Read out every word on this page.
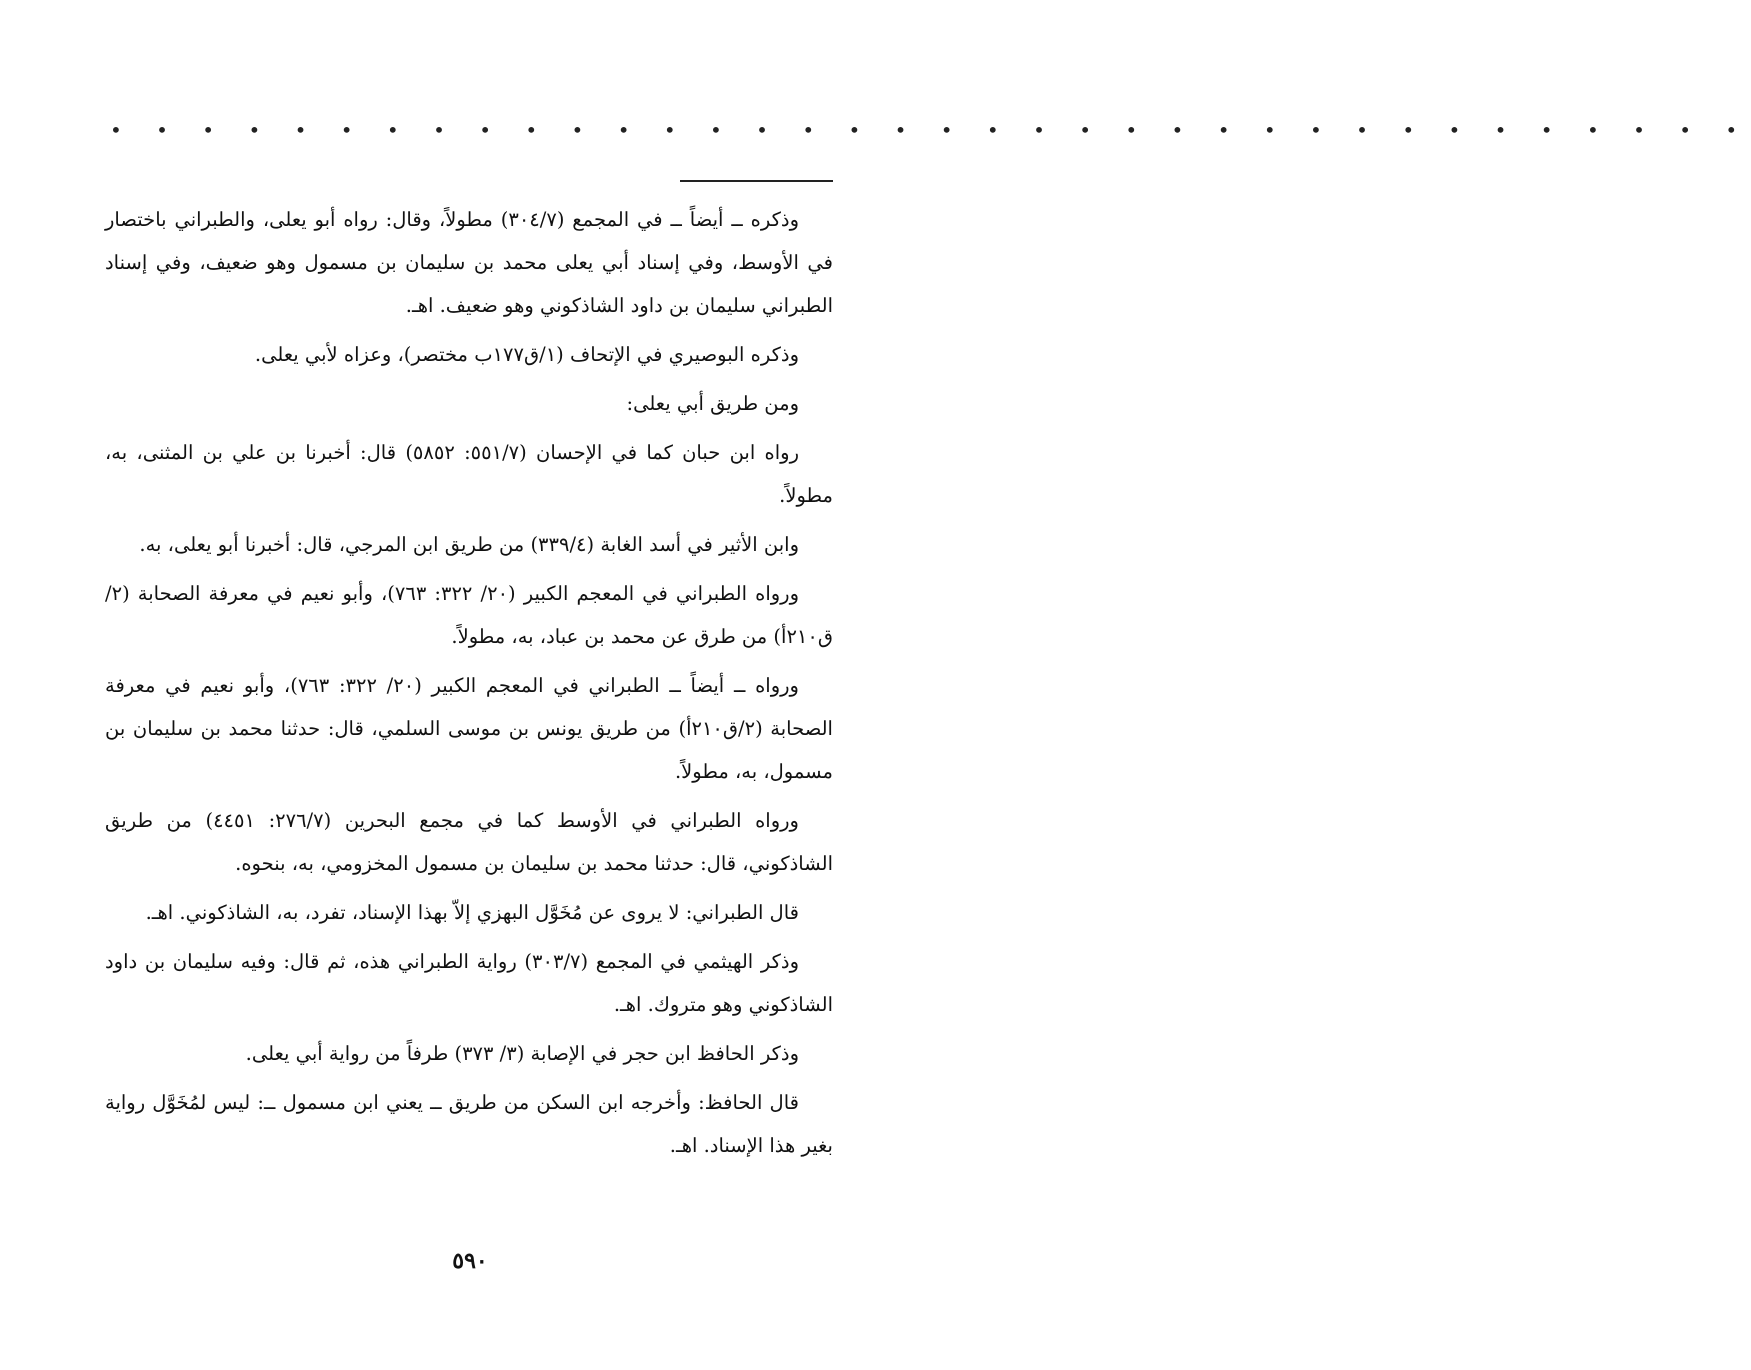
• • • • • • • • • • • • • • • • • • • • • • • • • • • • • • • • • • • •

وذكره ــ أيضاً ــ في المجمع (٣٠٤/٧) مطولاً، وقال: رواه أبو يعلى، والطبراني باختصار في الأوسط، وفي إسناد أبي يعلى محمد بن سليمان بن مسمول وهو ضعيف، وفي إسناد الطبراني سليمان بن داود الشاذكوني وهو ضعيف. اهـ.

وذكره البوصيري في الإتحاف (١/ق١٧٧ب مختصر)، وعزاه لأبي يعلى.

ومن طريق أبي يعلى:

رواه ابن حبان كما في الإحسان (٥٥١/٧: ٥٨٥٢) قال: أخبرنا بن علي بن المثنى، به، مطولاً.

وابن الأثير في أسد الغابة (٣٣٩/٤) من طريق ابن المرجي، قال: أخبرنا أبو يعلى، به.

ورواه الطبراني في المعجم الكبير (٢٠/ ٣٢٢: ٧٦٣)، وأبو نعيم في معرفة الصحابة (٢/ق٢١٠أ) من طرق عن محمد بن عباد، به، مطولاً.

ورواه ــ أيضاً ــ الطبراني في المعجم الكبير (٢٠/ ٣٢٢: ٧٦٣)، وأبو نعيم في معرفة الصحابة (٢/ق٢١٠أ) من طريق يونس بن موسى السلمي، قال: حدثنا محمد بن سليمان بن مسمول، به، مطولاً.

ورواه الطبراني في الأوسط كما في مجمع البحرين (٢٧٦/٧: ٤٤٥١) من طريق الشاذكوني، قال: حدثنا محمد بن سليمان بن مسمول المخزومي، به، بنحوه.

قال الطبراني: لا يروى عن مُخَوَّل البهزي إلاّ بهذا الإسناد، تفرد، به، الشاذكوني. اهـ.

وذكر الهيثمي في المجمع (٣٠٣/٧) رواية الطبراني هذه، ثم قال: وفيه سليمان بن داود الشاذكوني وهو متروك. اهـ.

وذكر الحافظ ابن حجر في الإصابة (٣/ ٣٧٣) طرفاً من رواية أبي يعلى.

قال الحافظ: وأخرجه ابن السكن من طريق ــ يعني ابن مسمول ــ: ليس لمُخَوَّل رواية بغير هذا الإسناد. اهـ.

٥٩٠
